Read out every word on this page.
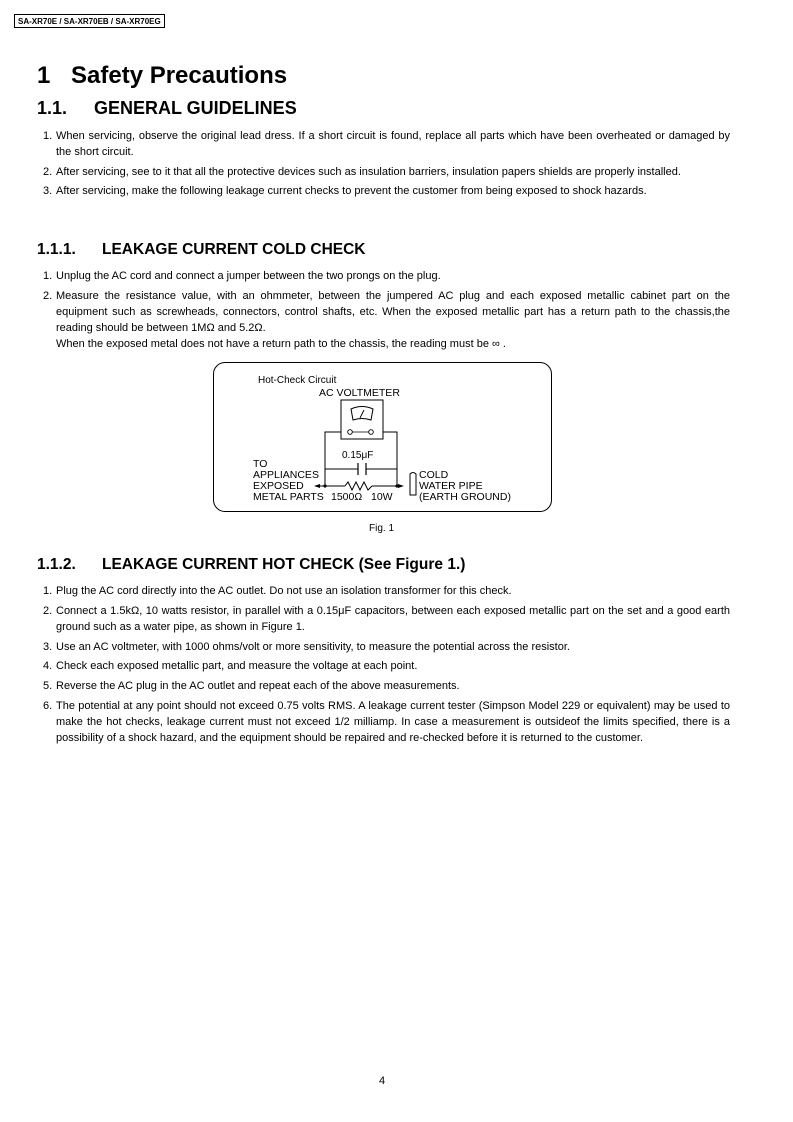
SA-XR70E / SA-XR70EB / SA-XR70EG
1 Safety Precautions
1.1. GENERAL GUIDELINES
1. When servicing, observe the original lead dress. If a short circuit is found, replace all parts which have been overheated or damaged by the short circuit.
2. After servicing, see to it that all the protective devices such as insulation barriers, insulation papers shields are properly installed.
3. After servicing, make the following leakage current checks to prevent the customer from being exposed to shock hazards.
1.1.1. LEAKAGE CURRENT COLD CHECK
1. Unplug the AC cord and connect a jumper between the two prongs on the plug.
2. Measure the resistance value, with an ohmmeter, between the jumpered AC plug and each exposed metallic cabinet part on the equipment such as screwheads, connectors, control shafts, etc. When the exposed metallic part has a return path to the chassis,the reading should be between 1MΩ and 5.2Ω.
When the exposed metal does not have a return path to the chassis, the reading must be ∞ .
Hot-Check Circuit
AC VOLTMETER
0.15μF
TO
APPLIANCES
EXPOSED
METAL PARTS 1500Ω 10W
COLD
WATER PIPE
(EARTH GROUND)
Fig. 1
1.1.2. LEAKAGE CURRENT HOT CHECK (See Figure 1.)
1. Plug the AC cord directly into the AC outlet. Do not use an isolation transformer for this check.
2. Connect a 1.5kΩ, 10 watts resistor, in parallel with a 0.15μF capacitors, between each exposed metallic part on the set and a good earth ground such as a water pipe, as shown in Figure 1.
3. Use an AC voltmeter, with 1000 ohms/volt or more sensitivity, to measure the potential across the resistor.
4. Check each exposed metallic part, and measure the voltage at each point.
5. Reverse the AC plug in the AC outlet and repeat each of the above measurements.
6. The potential at any point should not exceed 0.75 volts RMS. A leakage current tester (Simpson Model 229 or equivalent) may be used to make the hot checks, leakage current must not exceed 1/2 milliamp. In case a measurement is outsideof the limits specified, there is a possibility of a shock hazard, and the equipment should be repaired and re-checked before it is returned to the customer.
4
